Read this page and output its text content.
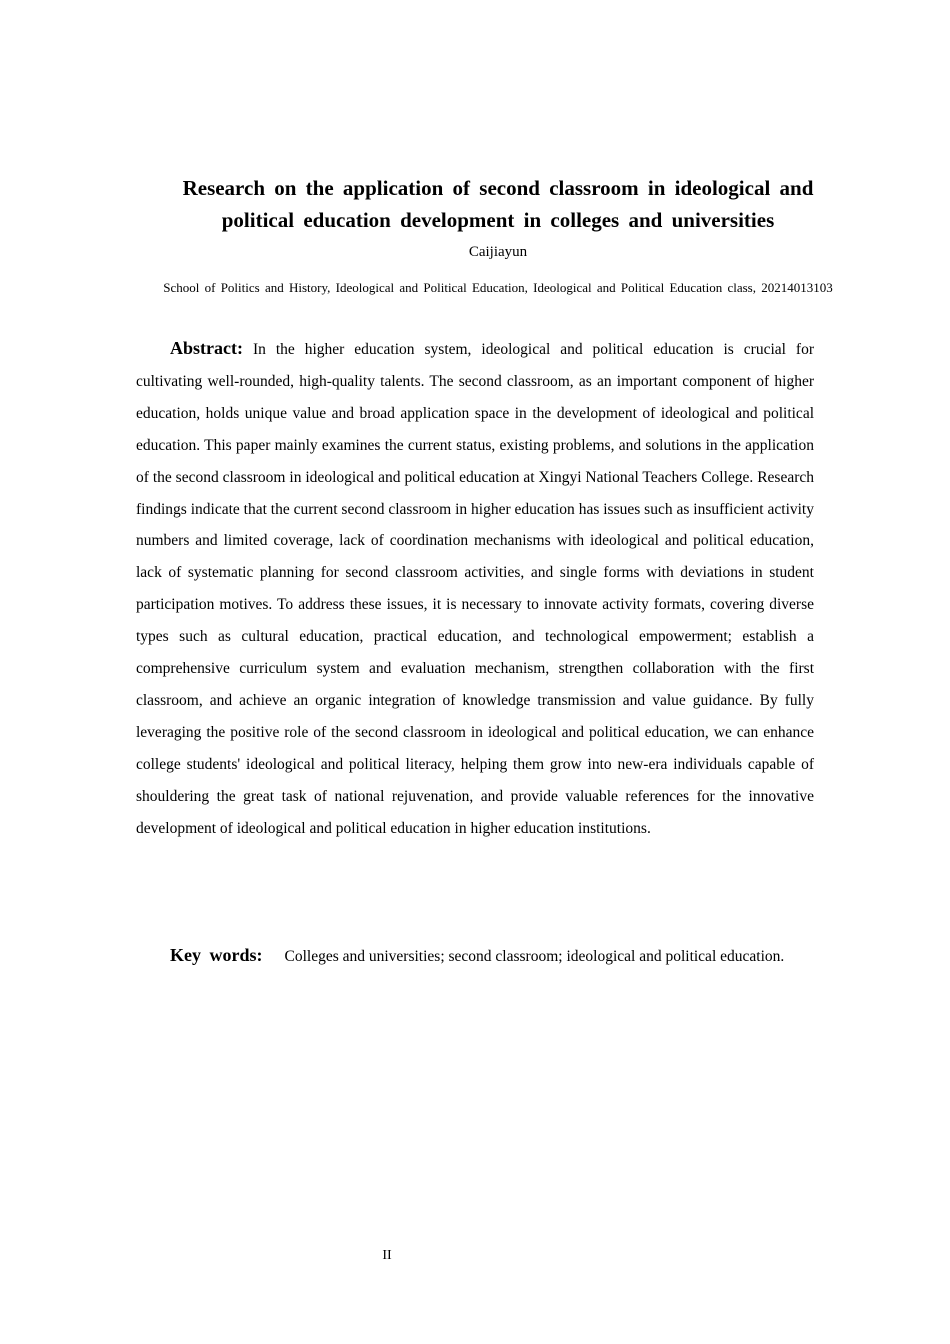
Research on the application of second classroom in ideological and political education development in colleges and universities

Caijiayun

School of Politics and History, Ideological and Political Education, Ideological and Political Education class, 20214013103

Abstract: In the higher education system, ideological and political education is crucial for cultivating well-rounded, high-quality talents. The second classroom, as an important component of higher education, holds unique value and broad application space in the development of ideological and political education. This paper mainly examines the current status, existing problems, and solutions in the application of the second classroom in ideological and political education at Xingyi National Teachers College. Research findings indicate that the current second classroom in higher education has issues such as insufficient activity numbers and limited coverage, lack of coordination mechanisms with ideological and political education, lack of systematic planning for second classroom activities, and single forms with deviations in student participation motives. To address these issues, it is necessary to innovate activity formats, covering diverse types such as cultural education, practical education, and technological empowerment; establish a comprehensive curriculum system and evaluation mechanism, strengthen collaboration with the first classroom, and achieve an organic integration of knowledge transmission and value guidance. By fully leveraging the positive role of the second classroom in ideological and political education, we can enhance college students' ideological and political literacy, helping them grow into new-era individuals capable of shouldering the great task of national rejuvenation, and provide valuable references for the innovative development of ideological and political education in higher education institutions.

Key words: Colleges and universities; second classroom; ideological and political education.

II
